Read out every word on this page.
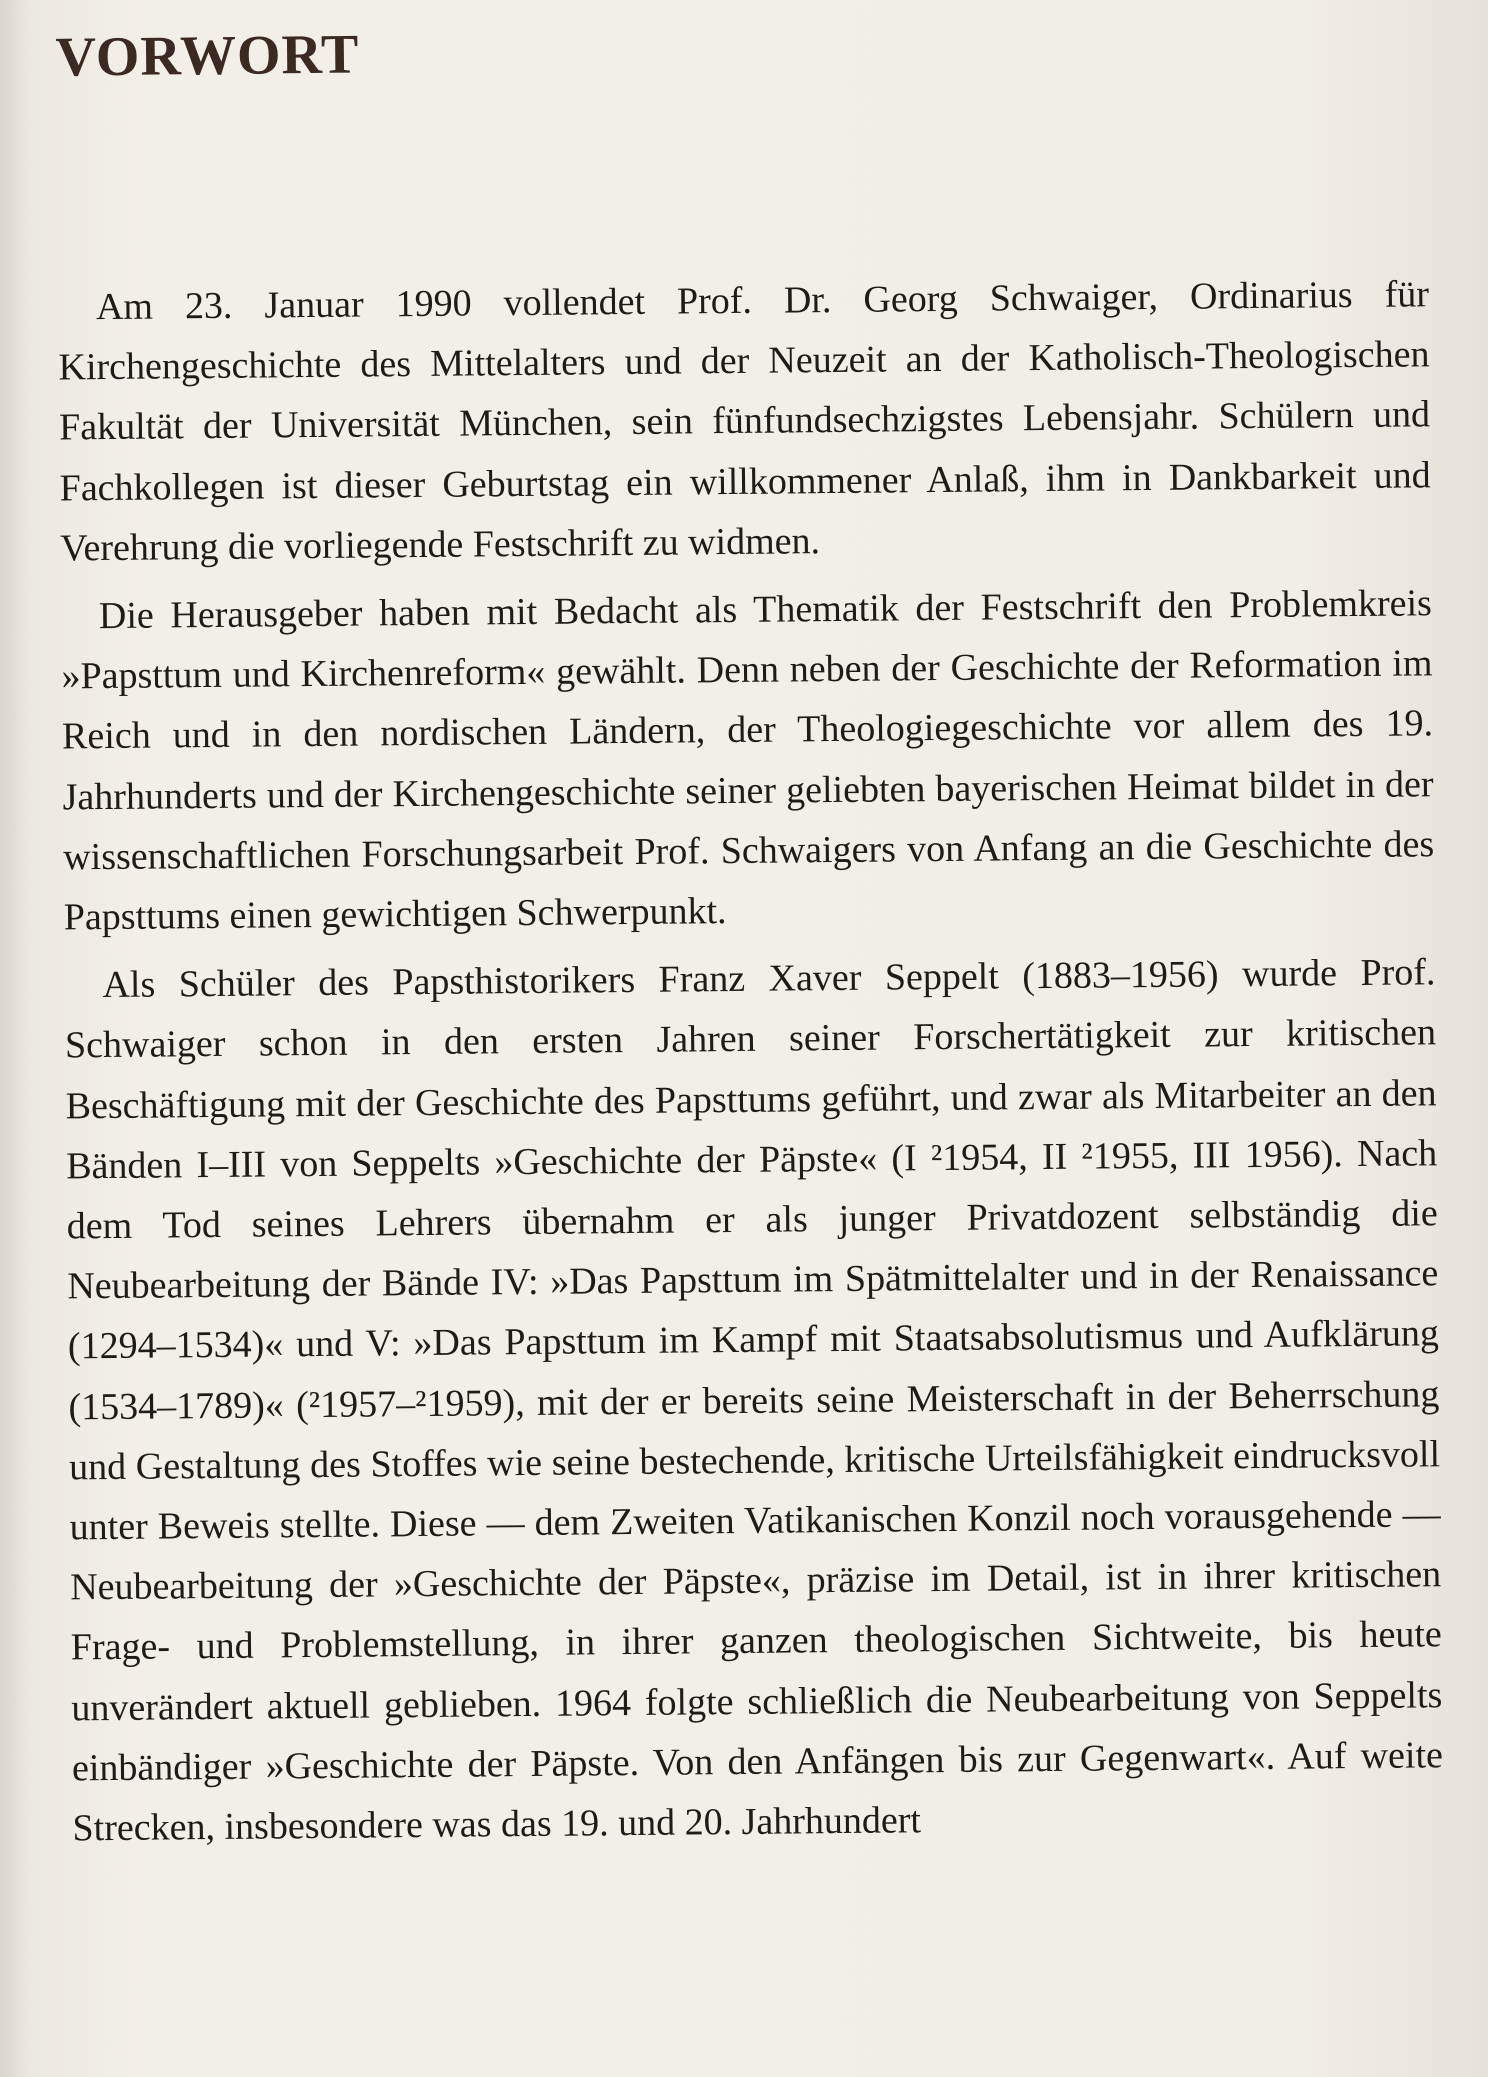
VORWORT

Am 23. Januar 1990 vollendet Prof. Dr. Georg Schwaiger, Ordinarius für Kirchengeschichte des Mittelalters und der Neuzeit an der Katholisch-Theologischen Fakultät der Universität München, sein fünfundsechzigstes Lebensjahr. Schülern und Fachkollegen ist dieser Geburtstag ein willkommener Anlaß, ihm in Dankbarkeit und Verehrung die vorliegende Festschrift zu widmen.

Die Herausgeber haben mit Bedacht als Thematik der Festschrift den Problemkreis »Papsttum und Kirchenreform« gewählt. Denn neben der Geschichte der Reformation im Reich und in den nordischen Ländern, der Theologiegeschichte vor allem des 19. Jahrhunderts und der Kirchengeschichte seiner geliebten bayerischen Heimat bildet in der wissenschaftlichen Forschungsarbeit Prof. Schwaigers von Anfang an die Geschichte des Papsttums einen gewichtigen Schwerpunkt.

Als Schüler des Papsthistorikers Franz Xaver Seppelt (1883–1956) wurde Prof. Schwaiger schon in den ersten Jahren seiner Forschertätigkeit zur kritischen Beschäftigung mit der Geschichte des Papsttums geführt, und zwar als Mitarbeiter an den Bänden I–III von Seppelts »Geschichte der Päpste« (I ²1954, II ²1955, III 1956). Nach dem Tod seines Lehrers übernahm er als junger Privatdozent selbständig die Neubearbeitung der Bände IV: »Das Papsttum im Spätmittelalter und in der Renaissance (1294–1534)« und V: »Das Papsttum im Kampf mit Staatsabsolutismus und Aufklärung (1534–1789)« (²1957–²1959), mit der er bereits seine Meisterschaft in der Beherrschung und Gestaltung des Stoffes wie seine bestechende, kritische Urteilsfähigkeit eindrucksvoll unter Beweis stellte. Diese — dem Zweiten Vatikanischen Konzil noch vorausgehende — Neubearbeitung der »Geschichte der Päpste«, präzise im Detail, ist in ihrer kritischen Frage- und Problemstellung, in ihrer ganzen theologischen Sichtweite, bis heute unverändert aktuell geblieben. 1964 folgte schließlich die Neubearbeitung von Seppelts einbändiger »Geschichte der Päpste. Von den Anfängen bis zur Gegenwart«. Auf weite Strecken, insbesondere was das 19. und 20. Jahrhundert
